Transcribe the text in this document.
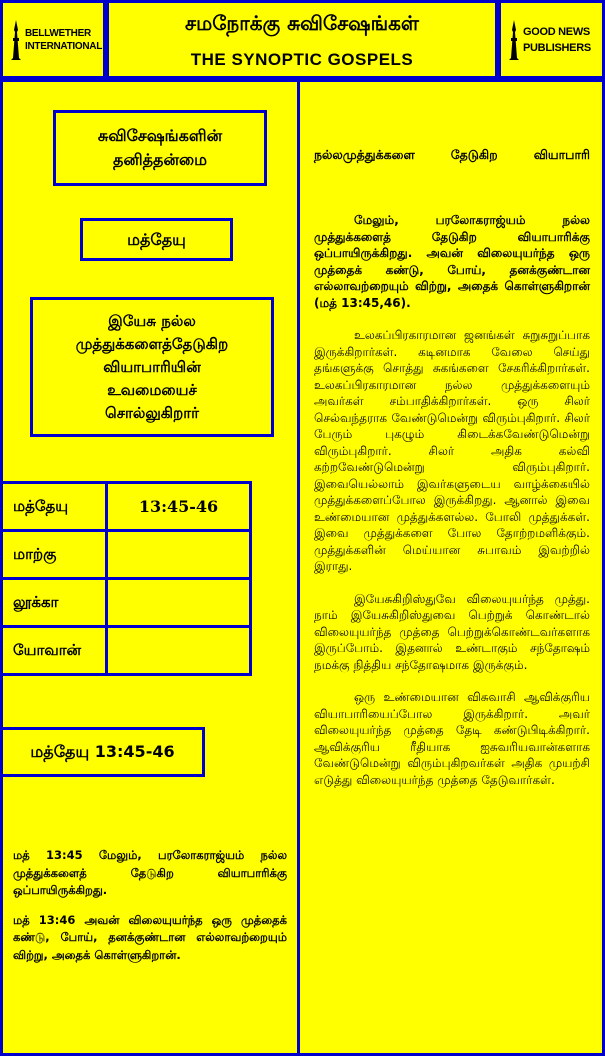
BELLWETHER
INTERNATIONAL
சமநோக்கு சுவிசேஷங்கள்
THE SYNOPTIC GOSPELS
GOOD NEWS
PUBLISHERS
சுவிசேஷங்களின்
தனித்தன்மை
மத்தேயு
இயேசு நல்ல
முத்துக்களைத்தேடுகிற
வியாபாரியின்
உவமையைச்
சொல்லுகிறார்
மத்தேயு	13:45-46
மாற்கு	
லூக்கா	
யோவான்	
மத்தேயு 13:45-46

மத் 13:45 மேலும், பரலோகராஜ்யம் நல்ல முத்துக்களைத் தேடுகிற வியாபாரிக்கு ஒப்பாயிருக்கிறது.

மத் 13:46 அவன் விலையுயர்ந்த ஒரு முத்தைக் கண்டு, போய், தனக்குண்டான எல்லாவற்றையும் விற்று, அதைக் கொள்ளுகிறான்.

நல்லமுத்துக்களை தேடுகிற வியாபாரி

மேலும், பரலோகராஜ்யம் நல்ல முத்துக்களைத் தேடுகிற வியாபாரிக்கு ஒப்பாயிருக்கிறது. அவன் விலையுயர்ந்த ஒரு முத்தைக் கண்டு, போய், தனக்குண்டான எல்லாவற்றையும் விற்று, அதைக் கொள்ளுகிறான் (மத் 13:45,46).

உலகப்பிரகாரமான ஜனங்கள் சுறுசுறுப்பாக இருக்கிறார்கள். கடினமாக வேலை செய்து தங்களுக்கு சொத்து சுகங்களை சேகரிக்கிறார்கள். உலகப்பிரகாரமான நல்ல முத்துக்களையும் அவர்கள் சம்பாதிக்கிறார்கள். ஒரு சிலர் செல்வந்தராக வேண்டுமென்று விரும்புகிறார். சிலர் பேரும் புகழும் கிடைக்கவேண்டுமென்று விரும்புகிறார். சிலர் அதிக கல்வி கற்றவேண்டுமென்று விரும்புகிறார். இவையெல்லாம் இவர்களுடைய வாழ்க்கையில் முத்துக்களைப்போல இருக்கிறது. ஆனால் இவை உண்மையான முத்துக்களல்ல. போலி முத்துக்கள். இவை முத்துக்களை போல தோற்றமளிக்கும். முத்துக்களின் மெய்யான சுபாவம் இவற்றில் இராது.

இயேசுகிறிஸ்துவே விலையுயர்ந்த முத்து. நாம் இயேசுகிறிஸ்துவை பெற்றுக் கொண்டால் விலையுயர்ந்த முத்தை பெற்றுக்கொண்டவர்களாக இருப்போம். இதனால் உண்டாகும் சந்தோஷம் நமக்கு நித்திய சந்தோஷமாக இருக்கும்.

ஒரு உண்மையான விசுவாசி ஆவிக்குரிய வியாபாரியைப்போல இருக்கிறார். அவர் விலையுயர்ந்த முத்தை தேடி கண்டுபிடிக்கிறார். ஆவிக்குரிய ரீதியாக ஐசுவரியவான்களாக வேண்டுமென்று விரும்புகிறவர்கள் அதிக முயற்சி எடுத்து விலையுயர்ந்த முத்தை தேடுவார்கள்.
